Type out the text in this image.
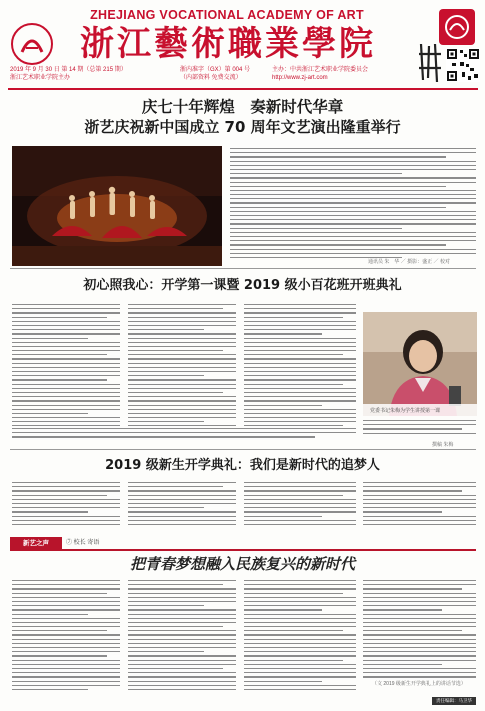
ZHEJIANG VOCATIONAL ACADEMY OF ART
浙江藝術職業學院
2019 年 9 月 30 日 第 14 期（总第 215 期）
浙江艺术职业学院主办
浙内准字（GX）第 004 号
（内部资料 免费交流）
主办：中共浙江艺术职业学院委员会
http://www.zj-art.com
庆七十年辉煌　奏新时代华章
浙艺庆祝新中国成立 70 周年文艺演出隆重举行
通讯员 朱　华 ／ 摄影：盛正 ／ 校对
初心照我心：开学第一课暨 2019 级小百花班开班典礼
党委书记朱梅为学生讲授第一课
撰稿 朱梅
2019 级新生开学典礼：我们是新时代的追梦人
新艺之声	⑦ 校长 寄语
把青春梦想融入民族复兴的新时代
（文 2019 级新生开学典礼上的讲话节选）
责任编辑：马卫华
